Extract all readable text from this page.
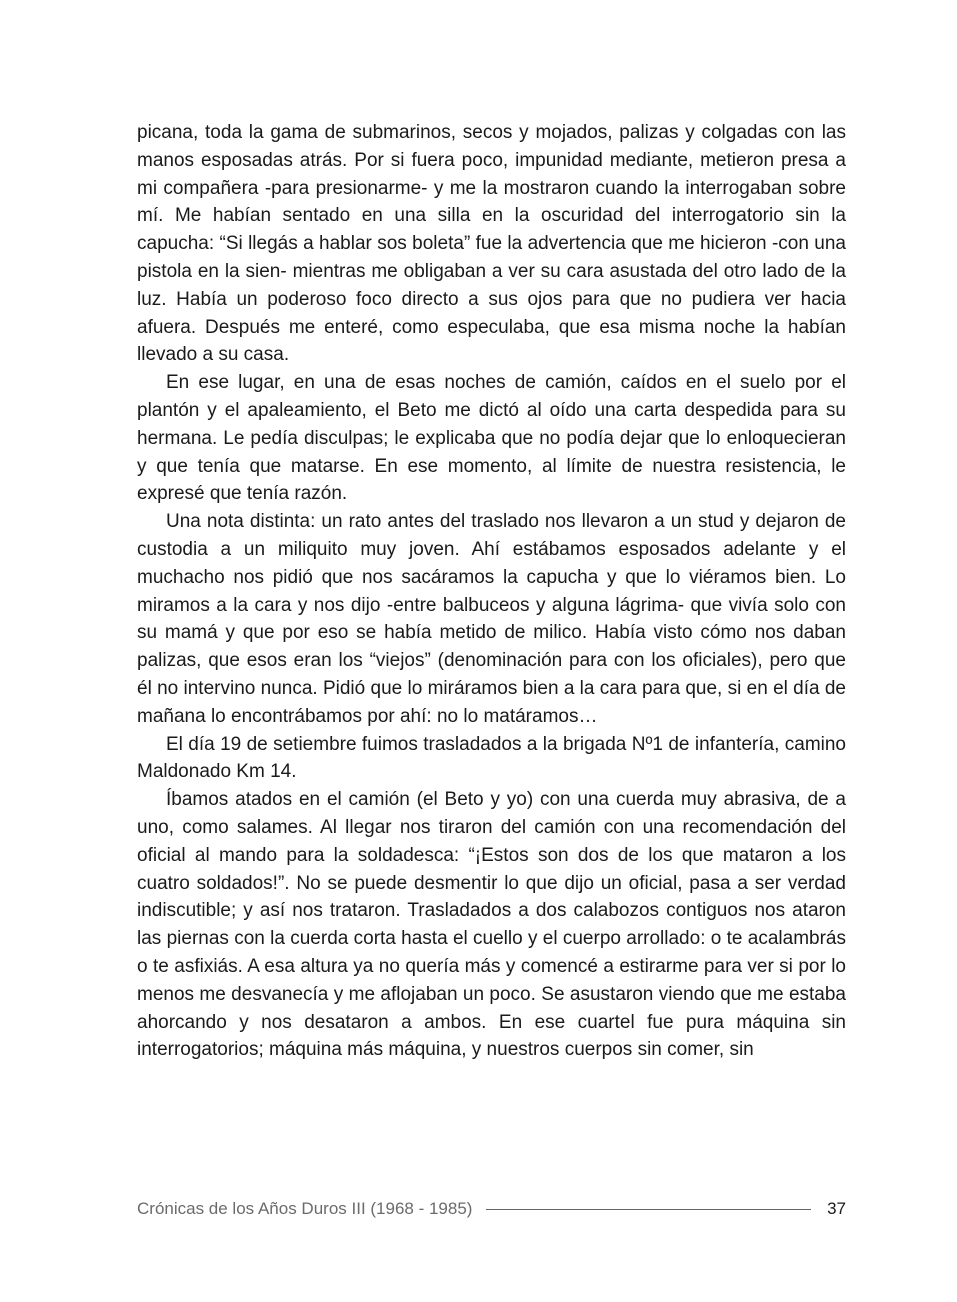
picana, toda la gama de submarinos, secos y mojados, palizas y colgadas con las manos esposadas atrás. Por si fuera poco, impunidad mediante, metieron presa a mi compañera -para presionarme- y me la mostraron cuando la interrogaban sobre mí. Me habían sentado en una silla en la oscuridad del interrogatorio sin la capucha: “Si llegás a hablar sos boleta” fue la advertencia que me hicieron -con una pistola en la sien- mientras me obligaban a ver su cara asustada del otro lado de la luz. Había un poderoso foco directo a sus ojos para que no pudiera ver hacia afuera. Después me enteré, como especulaba, que esa misma noche la habían llevado a su casa.

En ese lugar, en una de esas noches de camión, caídos en el suelo por el plantón y el apaleamiento, el Beto me dictó al oído una carta despedida para su hermana. Le pedía disculpas; le explicaba que no podía dejar que lo enloquecieran y que tenía que matarse. En ese momento, al límite de nuestra resistencia, le expresé que tenía razón.

Una nota distinta: un rato antes del traslado nos llevaron a un stud y dejaron de custodia a un miliquito muy joven. Ahí estábamos esposados adelante y el muchacho nos pidió que nos sacáramos la capucha y que lo viéramos bien. Lo miramos a la cara y nos dijo -entre balbuceos y alguna lágrima- que vivía solo con su mamá y que por eso se había metido de milico. Había visto cómo nos daban palizas, que esos eran los “viejos” (denominación para con los oficiales), pero que él no intervino nunca. Pidió que lo miráramos bien a la cara para que, si en el día de mañana lo encontrábamos por ahí: no lo matáramos…

El día 19 de setiembre fuimos trasladados a la brigada Nº1 de infantería, camino Maldonado Km 14.

Íbamos atados en el camión (el Beto y yo) con una cuerda muy abrasiva, de a uno, como salames. Al llegar nos tiraron del camión con una recomendación del oficial al mando para la soldadesca: “¡Estos son dos de los que mataron a los cuatro soldados!”. No se puede desmentir lo que dijo un oficial, pasa a ser verdad indiscutible; y así nos trataron. Trasladados a dos calabozos contiguos nos ataron las piernas con la cuerda corta hasta el cuello y el cuerpo arrollado: o te acalambrás o te asfixiás. A esa altura ya no quería más y comencé a estirarme para ver si por lo menos me desvanecía y me aflojaban un poco. Se asustaron viendo que me estaba ahorcando y nos desataron a ambos. En ese cuartel fue pura máquina sin interrogatorios; máquina más máquina, y nuestros cuerpos sin comer, sin

Crónicas de los Años Duros III (1968 - 1985)	37
